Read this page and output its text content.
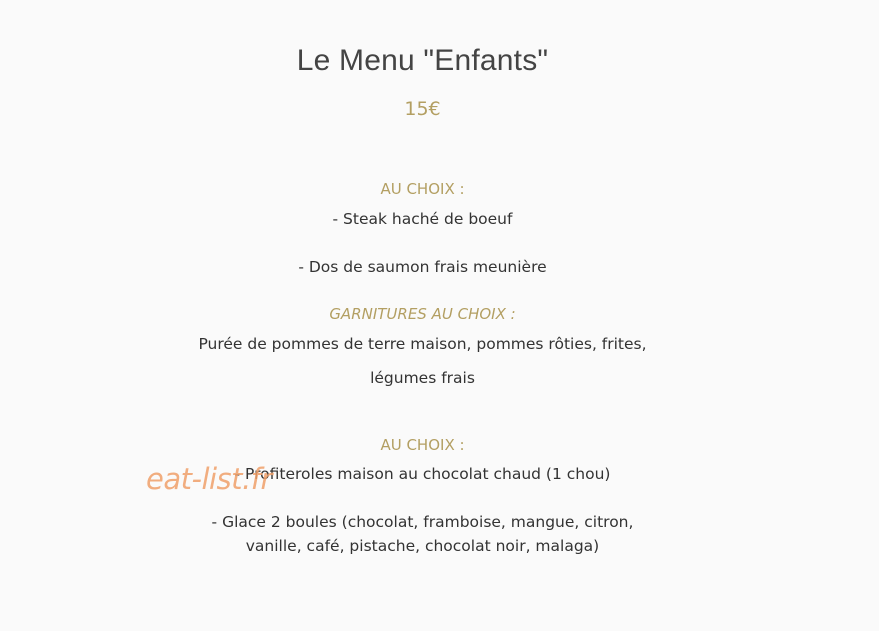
Le Menu "Enfants"
15€
AU CHOIX :
- Steak haché de boeuf
- Dos de saumon frais meunière
GARNITURES AU CHOIX :
Purée de pommes de terre maison, pommes rôties, frites,
légumes frais
AU CHOIX :
- Profiteroles maison au chocolat chaud (1 chou)
- Glace 2 boules (chocolat, framboise, mangue, citron,
vanille, café, pistache, chocolat noir, malaga)
eat-list.fr
